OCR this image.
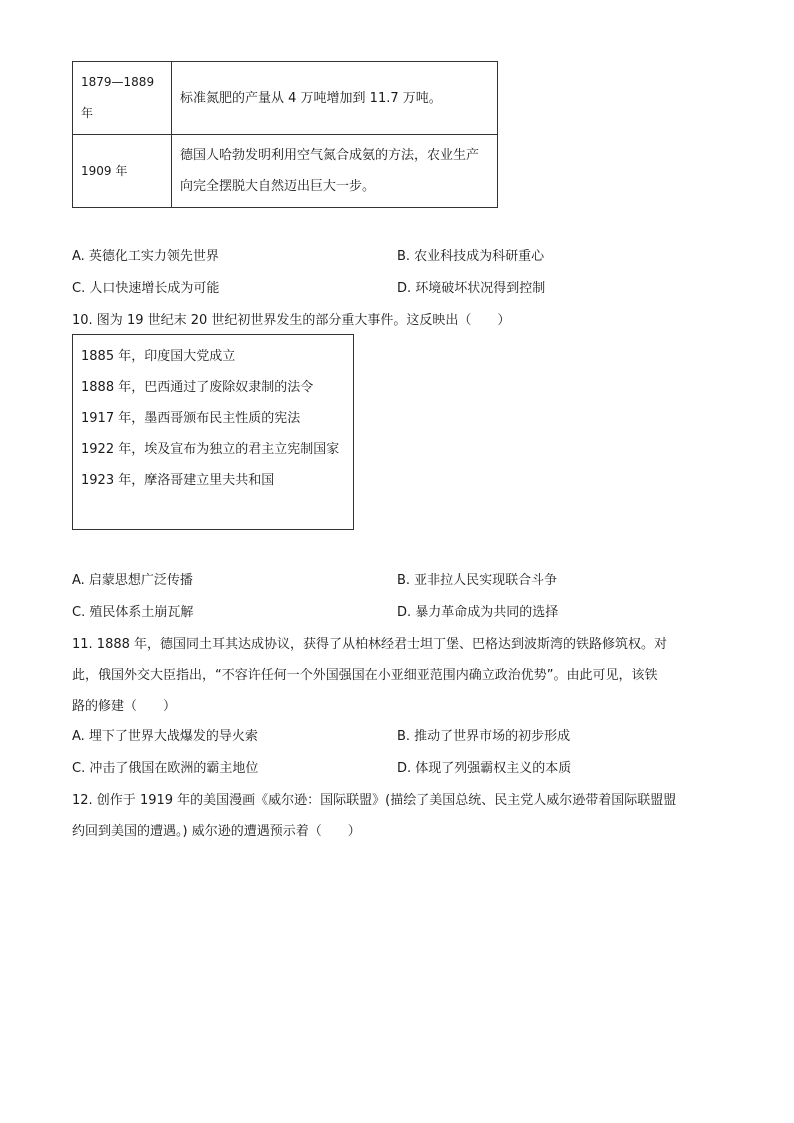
1879—1889年	标准氮肥的产量从 4 万吨增加到 11.7 万吨。
1909 年	德国人哈勃发明利用空气氮合成氨的方法，农业生产向完全摆脱大自然迈出巨大一步。
A. 英德化工实力领先世界	B. 农业科技成为科研重心
C. 人口快速增长成为可能	D. 环境破坏状况得到控制
10. 图为 19 世纪末 20 世纪初世界发生的部分重大事件。这反映出（　　）
1885 年，印度国大党成立
1888 年，巴西通过了废除奴隶制的法令
1917 年，墨西哥颁布民主性质的宪法
1922 年，埃及宣布为独立的君主立宪制国家
1923 年，摩洛哥建立里夫共和国
A. 启蒙思想广泛传播	B. 亚非拉人民实现联合斗争
C. 殖民体系土崩瓦解	D. 暴力革命成为共同的选择
11. 1888 年，德国同土耳其达成协议，获得了从柏林经君士坦丁堡、巴格达到波斯湾的铁路修筑权。对
此，俄国外交大臣指出，“不容许任何一个外国强国在小亚细亚范围内确立政治优势”。由此可见，该铁
路的修建（　　）
A. 埋下了世界大战爆发的导火索	B. 推动了世界市场的初步形成
C. 冲击了俄国在欧洲的霸主地位	D. 体现了列强霸权主义的本质
12. 创作于 1919 年的美国漫画《威尔逊：国际联盟》(描绘了美国总统、民主党人威尔逊带着国际联盟盟
约回到美国的遭遇。) 威尔逊的遭遇预示着（　　）
